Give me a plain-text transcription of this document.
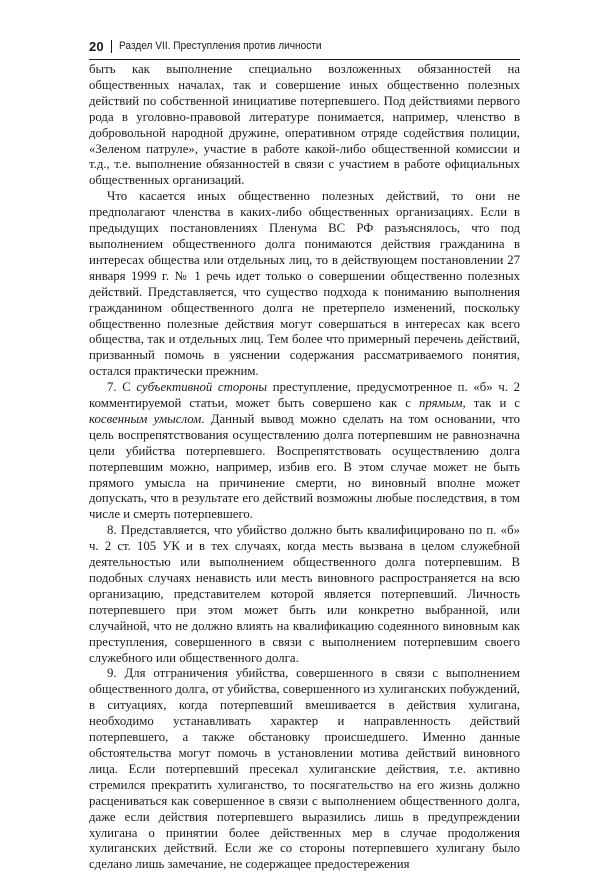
20 Раздел VII. Преступления против личности

быть как выполнение специально возложенных обязанностей на общественных началах, так и совершение иных общественно полезных действий по собственной инициативе потерпевшего. Под действиями первого рода в уголовно-правовой литературе понимается, например, членство в добровольной народной дружине, оперативном отряде содействия полиции, «Зеленом патруле», участие в работе какой-либо общественной комиссии и т.д., т.е. выполнение обязанностей в связи с участием в работе официальных общественных организаций.

Что касается иных общественно полезных действий, то они не предполагают членства в каких-либо общественных организациях. Если в предыдущих постановлениях Пленума ВС РФ разъяснялось, что под выполнением общественного долга понимаются действия гражданина в интересах общества или отдельных лиц, то в действующем постановлении 27 января 1999 г. № 1 речь идет только о совершении общественно полезных действий. Представляется, что существо подхода к пониманию выполнения гражданином общественного долга не претерпело изменений, поскольку общественно полезные действия могут совершаться в интересах как всего общества, так и отдельных лиц. Тем более что примерный перечень действий, призванный помочь в уяснении содержания рассматриваемого понятия, остался практически прежним.

7. С субъективной стороны преступление, предусмотренное п. «б» ч. 2 комментируемой статьи, может быть совершено как с прямым, так и с косвенным умыслом. Данный вывод можно сделать на том основании, что цель воспрепятствования осуществлению долга потерпевшим не равнозначна цели убийства потерпевшего. Воспрепятствовать осуществлению долга потерпевшим можно, например, избив его. В этом случае может не быть прямого умысла на причинение смерти, но виновный вполне может допускать, что в результате его действий возможны любые последствия, в том числе и смерть потерпевшего.

8. Представляется, что убийство должно быть квалифицировано по п. «б» ч. 2 ст. 105 УК и в тех случаях, когда месть вызвана в целом служебной деятельностью или выполнением общественного долга потерпевшим. В подобных случаях ненависть или месть виновного распространяется на всю организацию, представителем которой является потерпевший. Личность потерпевшего при этом может быть или конкретно выбранной, или случайной, что не должно влиять на квалификацию содеянного виновным как преступления, совершенного в связи с выполнением потерпевшим своего служебного или общественного долга.

9. Для отграничения убийства, совершенного в связи с выполнением общественного долга, от убийства, совершенного из хулиганских побуждений, в ситуациях, когда потерпевший вмешивается в действия хулигана, необходимо устанавливать характер и направленность действий потерпевшего, а также обстановку происшедшего. Именно данные обстоятельства могут помочь в установлении мотива действий виновного лица. Если потерпевший пресекал хулиганские действия, т.е. активно стремился прекратить хулиганство, то посягательство на его жизнь должно расцениваться как совершенное в связи с выполнением общественного долга, даже если действия потерпевшего выразились лишь в предупреждении хулигана о принятии более действенных мер в случае продолжения хулиганских действий. Если же со стороны потерпевшего хулигану было сделано лишь замечание, не содержащее предостережения
